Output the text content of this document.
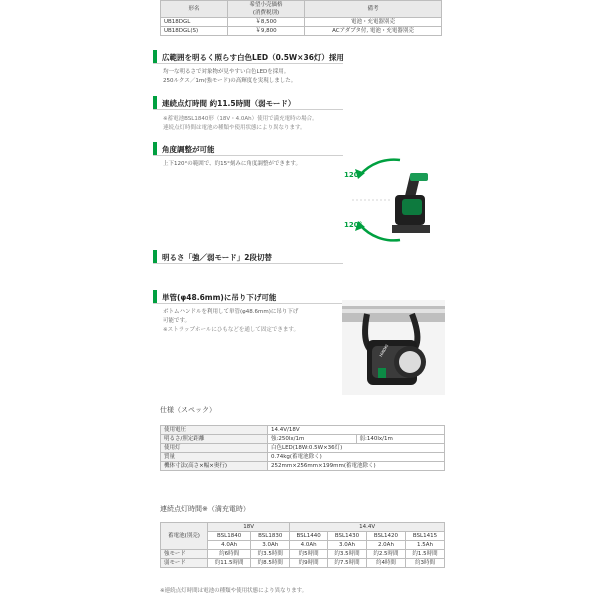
形名	希望小売価格
(消費税別)	備考
UB18DGL	￥8,500	電池・充電器別売
UB18DGL(S)	￥9,800	ACアダプタ付, 電池・充電器別売
広範囲を明るく照らす白色LED（0.5W×36灯）採用
均一な明るさで対象物が見やすい白色LEDを採用。
250ルクス／1m(強モード)の高輝度を実現しました。
連続点灯時間 約11.5時間（弱モード）
※蓄電池BSL1840形（18V・4.0Ah）使用で満充電時の場合。
連続点灯時間は電池の種類や使用状態により異なります。
角度調整が可能
上下120°の範囲で、約15°刻みに角度調整ができます。
120°
120°
明るさ「強／弱モード」2段切替
単管(φ48.6mm)に吊り下げ可能
ボトムハンドルを利用して単管(φ48.6mm)に吊り下げ
可能です。
※ストラップホールにひもなどを通して固定できます。
HiKOKI
仕様（スペック）
使用電圧	14.4V/18V	
明るさ/照定距離	強:250lx/1m	弱:140lx/1m
使用灯	白色LED(18W:0.5W×36灯)	
質量	0.74kg(蓄電池除く)	
機体寸法(高さ×幅×奥行)	252mm×256mm×199mm(蓄電池除く)	
連続点灯時間※（満充電時）
蓄電池(別売)	18V		14.4V			
	BSL1840	BSL1830	BSL1440	BSL1430	BSL1420	BSL1415
	4.0Ah	3.0Ah	4.0Ah	3.0Ah	2.0Ah	1.5Ah
強モード	約6時間	約3.5時間	約5時間	約3.5時間	約2.5時間	約1.5時間
弱モード	約11.5時間	約8.5時間	約9時間	約7.5時間	約4時間	約3時間
※連続点灯時間は電池の種類や使用状態により異なります。
